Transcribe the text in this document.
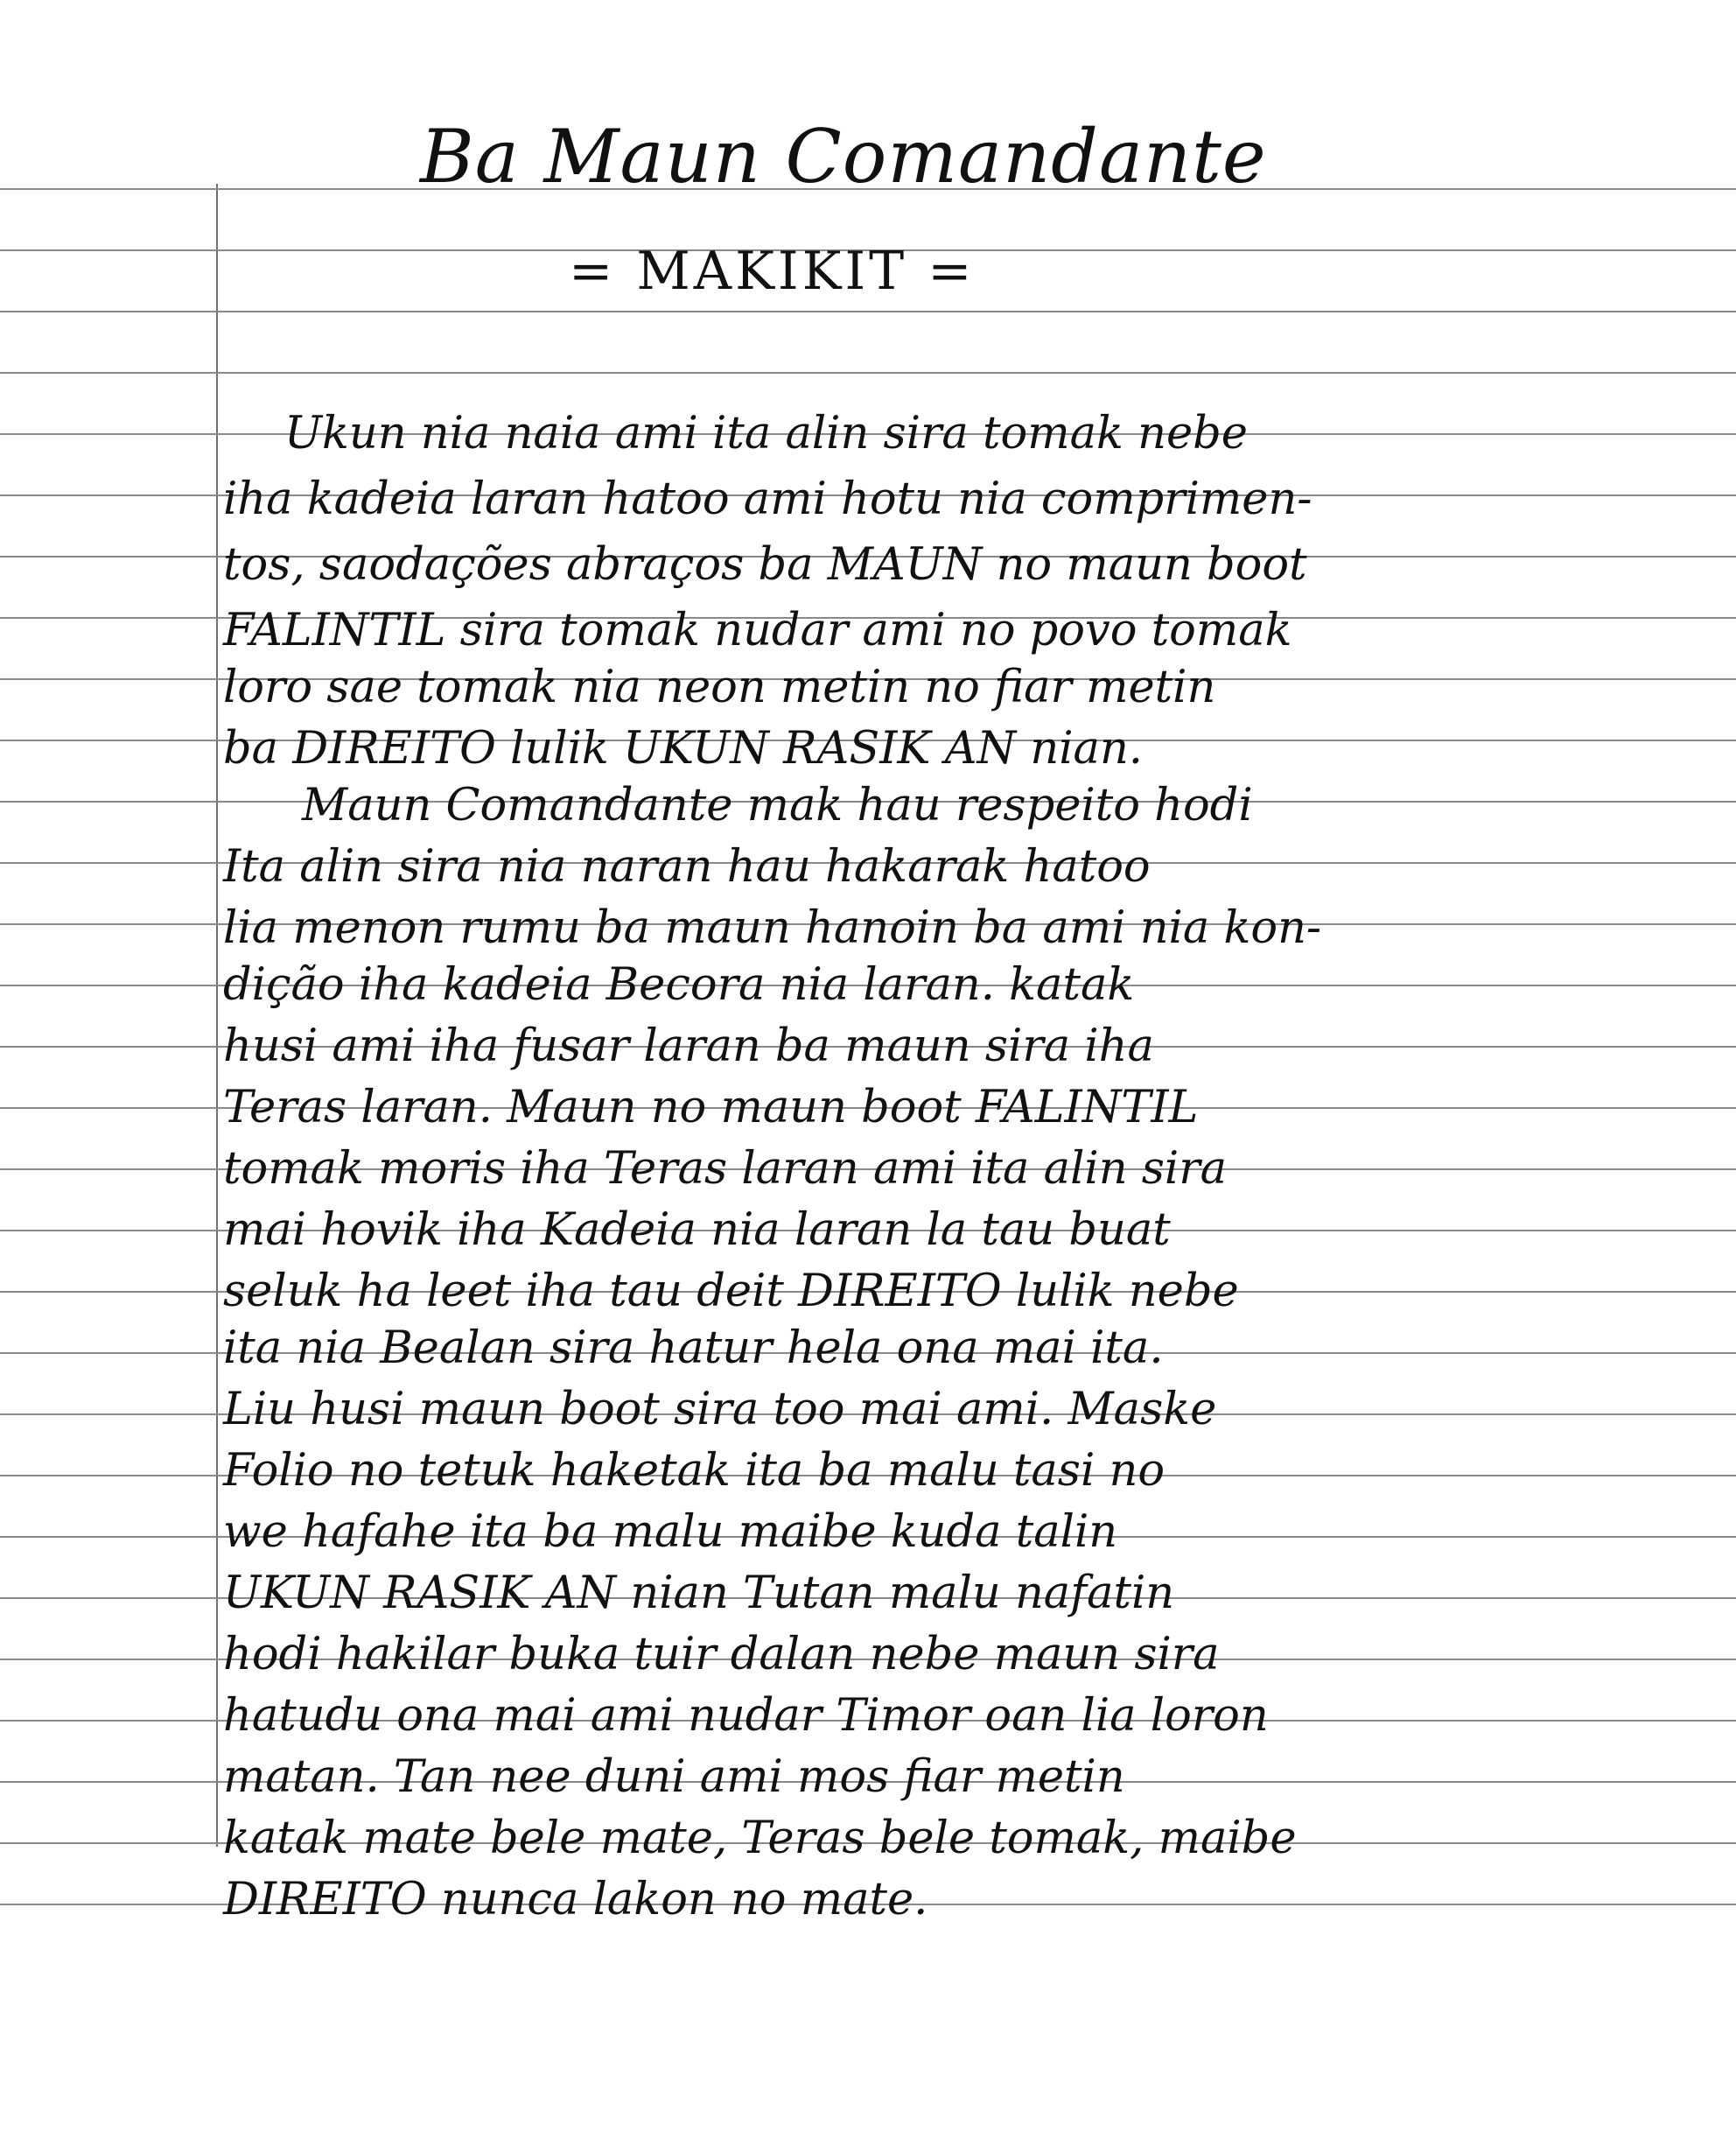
Ba Maun Comandante
= MAKIKIT =
Ukun nia naia ami ita alin sira tomak nebe
iha kadeia laran hatoo ami hotu nia comprimen-
tos, saodações abraços ba MAUN no maun boot
FALINTIL sira tomak nudar ami no povo tomak
loro sae tomak nia neon metin no fiar metin
ba DIREITO lulik UKUN RASIK AN nian.
Maun Comandante mak hau respeito hodi
Ita alin sira nia naran hau hakarak hatoo
lia menon rumu ba maun hanoin ba ami nia kon-
dição iha kadeia Becora nia laran. katak
husi ami iha fusar laran ba maun sira iha
Teras laran. Maun no maun boot FALINTIL
tomak moris iha Teras laran ami ita alin sira
mai hovik iha Kadeia nia laran la tau buat
seluk ha leet iha tau deit DIREITO lulik nebe
ita nia Bealan sira hatur hela ona mai ita.
Liu husi maun boot sira too mai ami. Maske
Folio no tetuk haketak ita ba malu tasi no
we hafahe ita ba malu maibe kuda talin
UKUN RASIK AN nian Tutan malu nafatin
hodi hakilar buka tuir dalan nebe maun sira
hatudu ona mai ami nudar Timor oan lia loron
matan. Tan nee duni ami mos fiar metin
katak mate bele mate, Teras bele tomak, maibe
DIREITO nunca lakon no mate.
